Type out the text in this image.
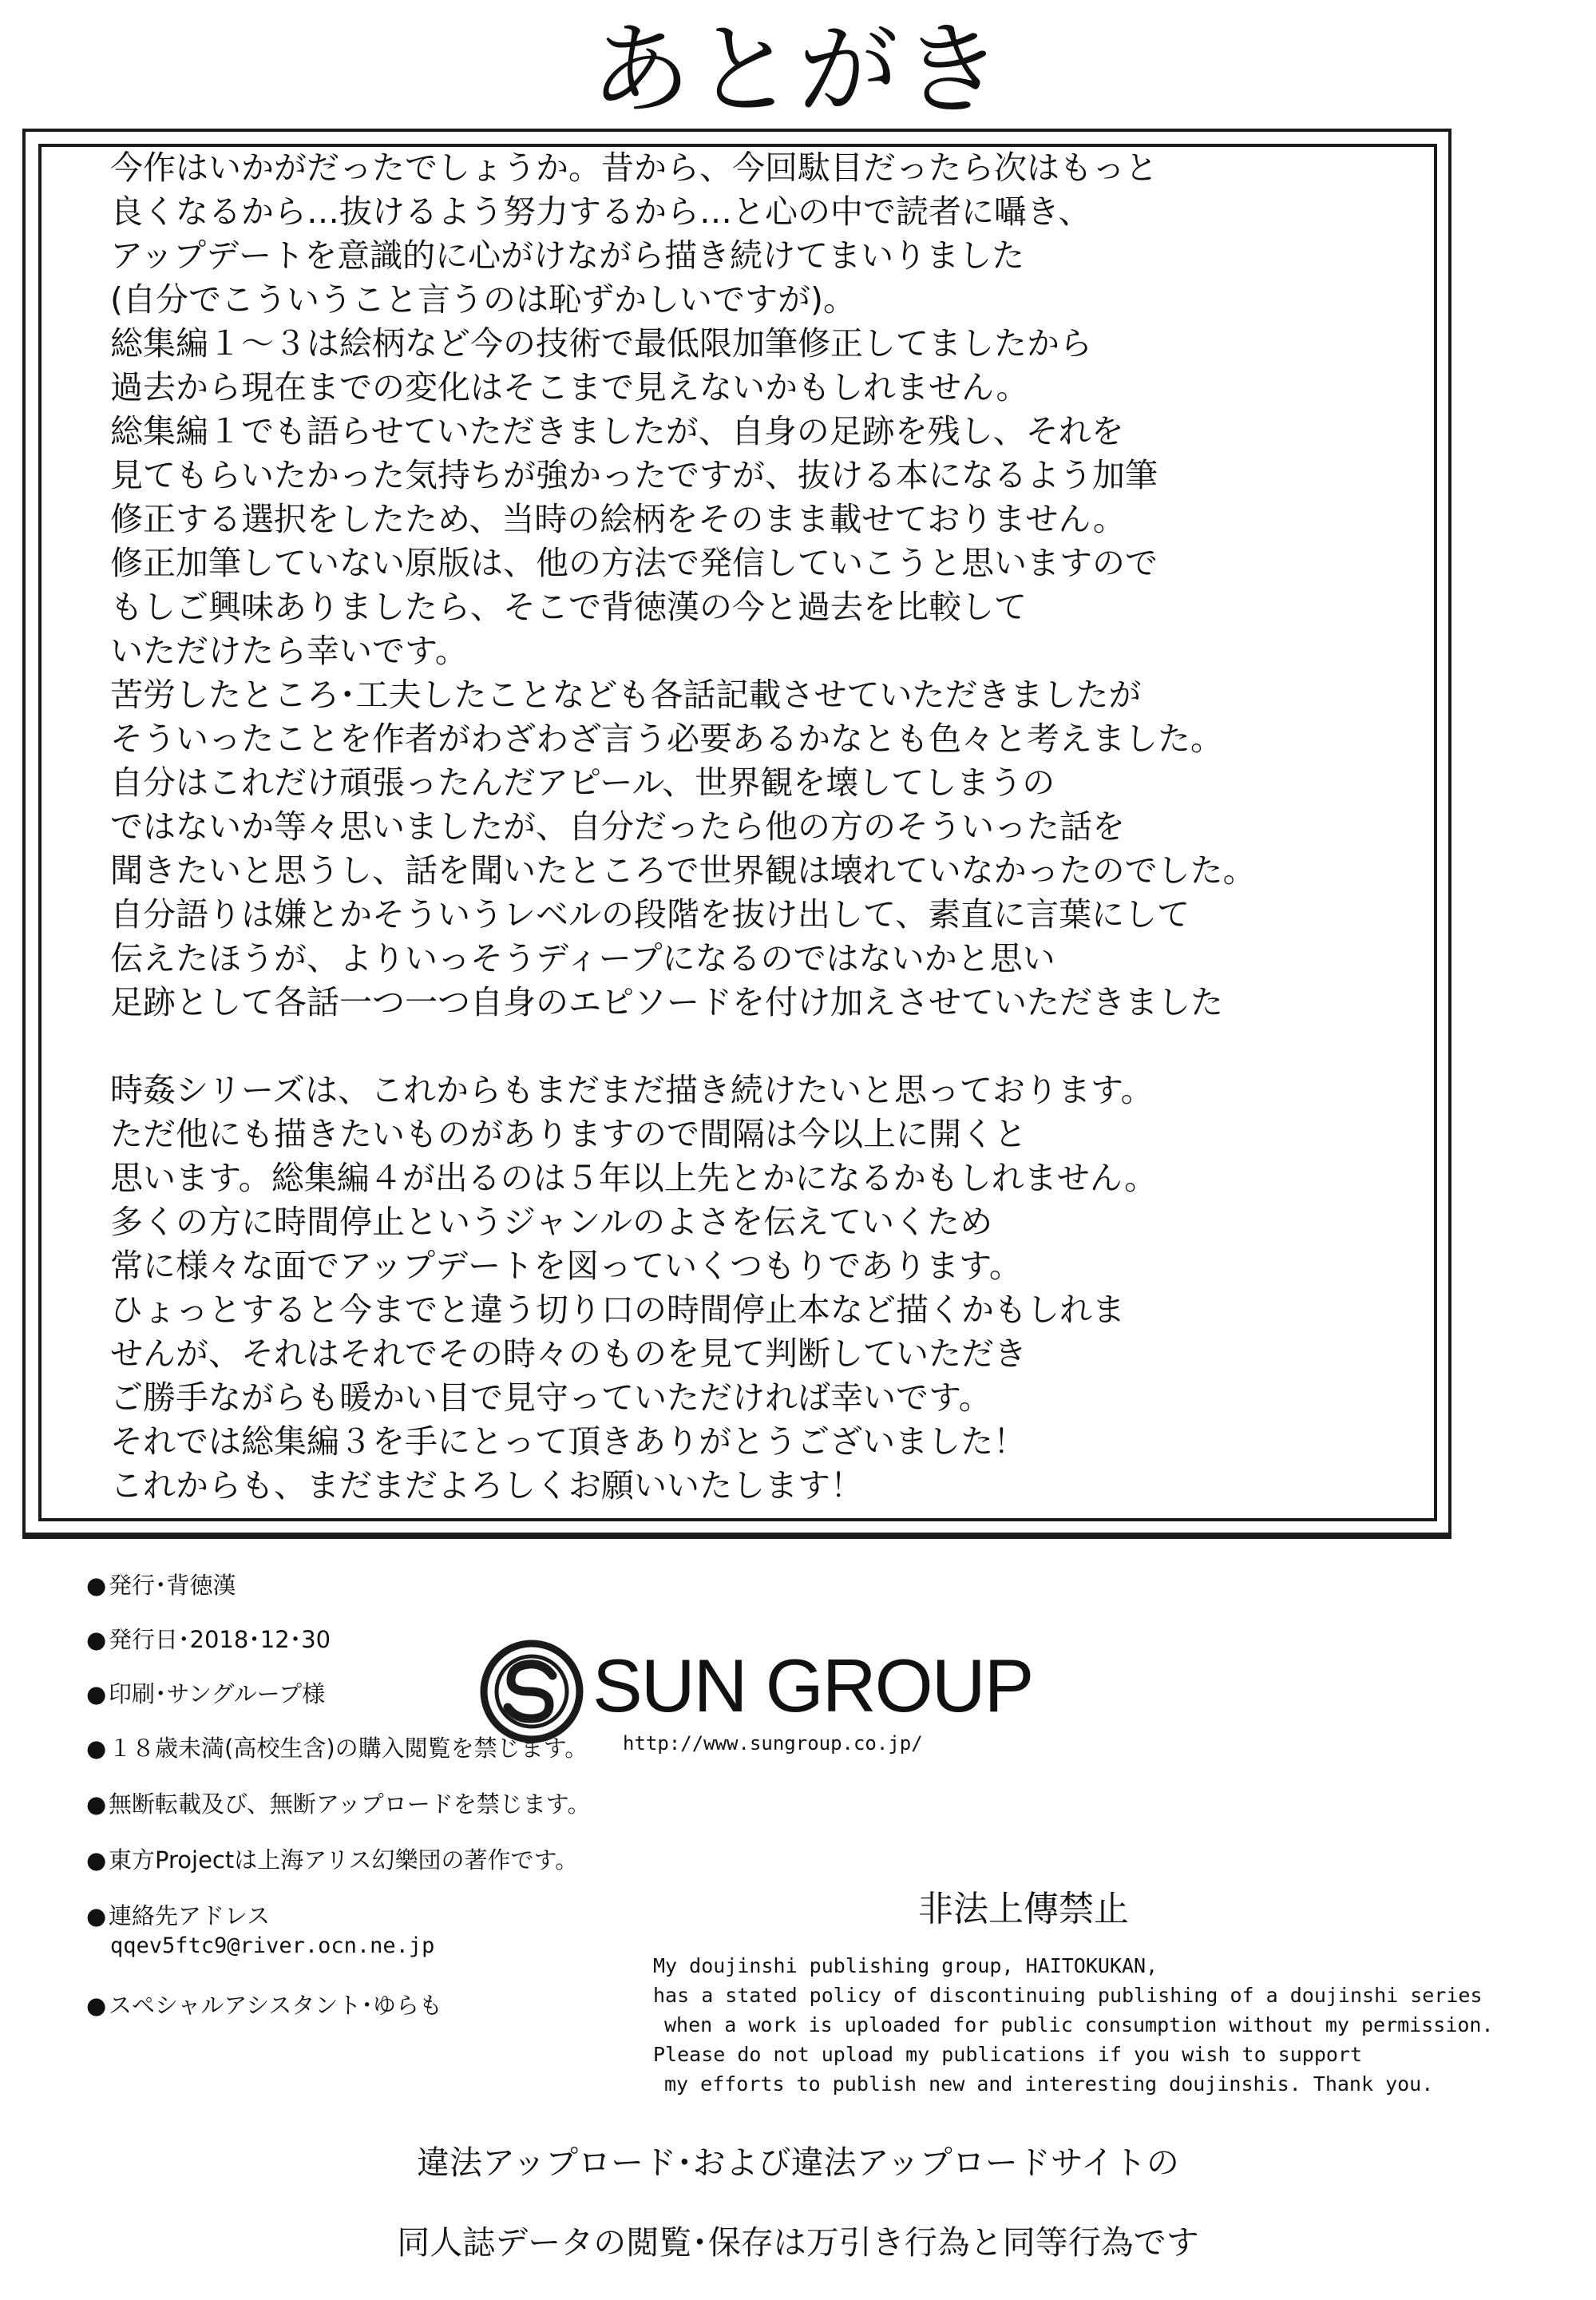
あとがき
今作はいかがだったでしょうか。昔から、今回駄目だったら次はもっと
良くなるから…抜けるよう努力するから…と心の中で読者に囁き、
アップデートを意識的に心がけながら描き続けてまいりました
(自分でこういうこと言うのは恥ずかしいですが)。
総集編１～３は絵柄など今の技術で最低限加筆修正してましたから
過去から現在までの変化はそこまで見えないかもしれません。
総集編１でも語らせていただきましたが、自身の足跡を残し、それを
見てもらいたかった気持ちが強かったですが、抜ける本になるよう加筆
修正する選択をしたため、当時の絵柄をそのまま載せておりません。
修正加筆していない原版は、他の方法で発信していこうと思いますので
もしご興味ありましたら、そこで背徳漢の今と過去を比較して
いただけたら幸いです。
苦労したところ･工夫したことなども各話記載させていただきましたが
そういったことを作者がわざわざ言う必要あるかなとも色々と考えました。
自分はこれだけ頑張ったんだアピール、世界観を壊してしまうの
ではないか等々思いましたが、自分だったら他の方のそういった話を
聞きたいと思うし、話を聞いたところで世界観は壊れていなかったのでした。
自分語りは嫌とかそういうレベルの段階を抜け出して、素直に言葉にして
伝えたほうが、よりいっそうディープになるのではないかと思い
足跡として各話一つ一つ自身のエピソードを付け加えさせていただきました
時姦シリーズは、これからもまだまだ描き続けたいと思っております。
ただ他にも描きたいものがありますので間隔は今以上に開くと
思います。総集編４が出るのは５年以上先とかになるかもしれません。
多くの方に時間停止というジャンルのよさを伝えていくため
常に様々な面でアップデートを図っていくつもりであります。
ひょっとすると今までと違う切り口の時間停止本など描くかもしれま
せんが、それはそれでその時々のものを見て判断していただき
ご勝手ながらも暖かい目で見守っていただければ幸いです。
それでは総集編３を手にとって頂きありがとうございました！
これからも、まだまだよろしくお願いいたします！
●発行･背徳漢
●発行日･2018･12･30
●印刷･サングループ様
●１８歳未満(高校生含)の購入閲覧を禁じます。
●無断転載及び、無断アップロードを禁じます。
●東方Projectは上海アリス幻樂団の著作です。
●連絡先アドレス
qqev5ftc9@river.ocn.ne.jp
●スペシャルアシスタント･ゆらも
SUN GROUP
http://www.sungroup.co.jp/
非法上傳禁止
My doujinshi publishing group, HAITOKUKAN,
has a stated policy of discontinuing publishing of a doujinshi series
when a work is uploaded for public consumption without my permission.
Please do not upload my publications if you wish to support
my efforts to publish new and interesting doujinshis. Thank you.
違法アップロード･および違法アップロードサイトの
同人誌データの閲覧･保存は万引き行為と同等行為です
